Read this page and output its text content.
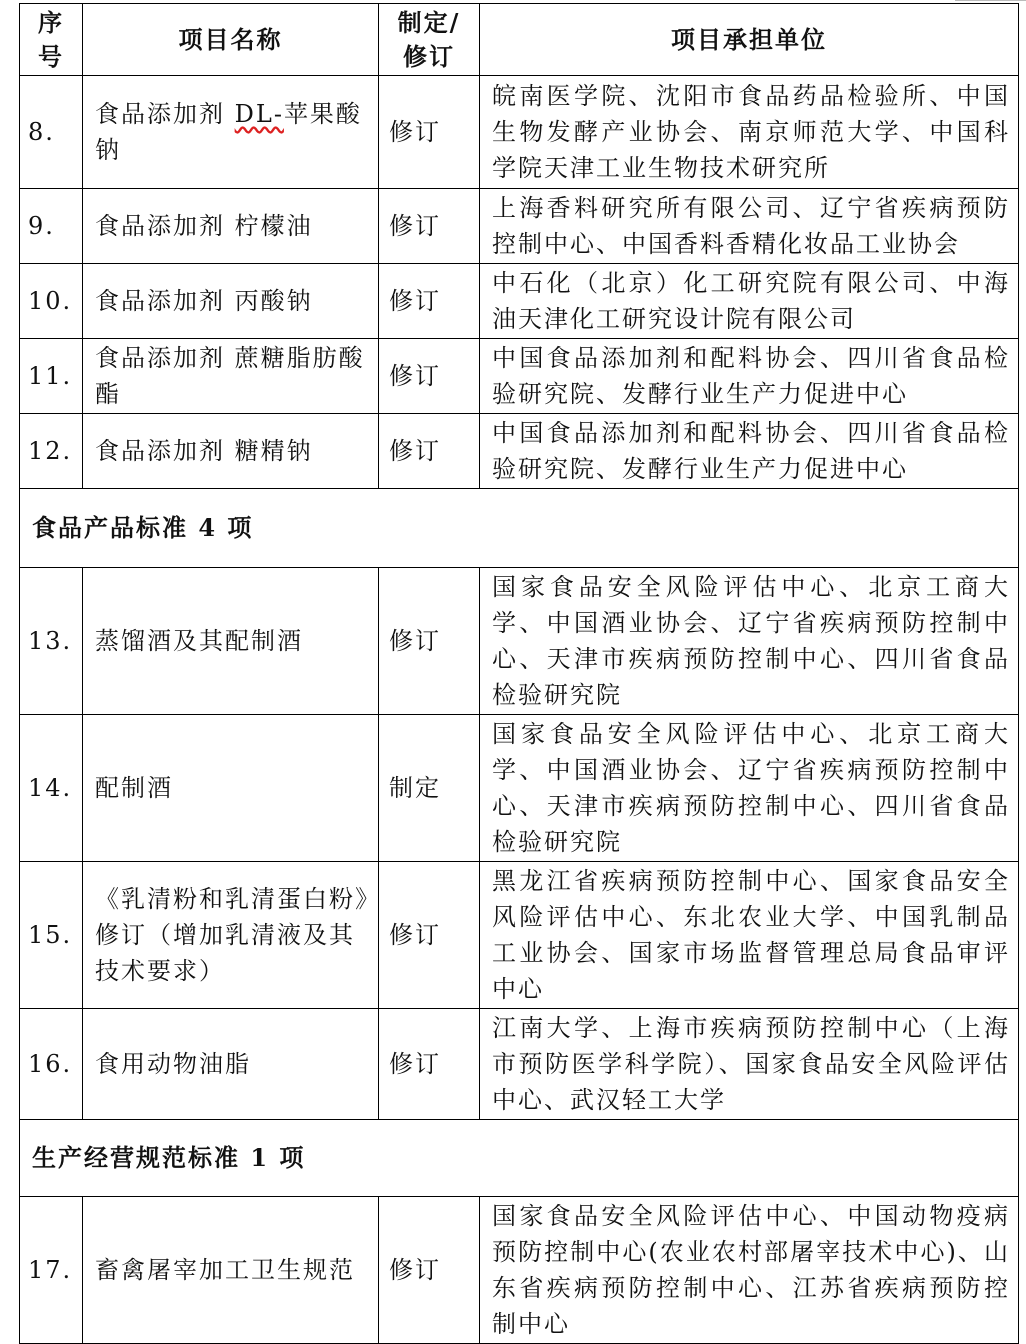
序号	项目名称	制定/修订	项目承担单位
8.	食品添加剂 DL-苹果酸钠	修订	皖南医学院、沈阳市食品药品检验所、中国生物发酵产业协会、南京师范大学、中国科学院天津工业生物技术研究所
9.	食品添加剂 柠檬油	修订	上海香料研究所有限公司、辽宁省疾病预防控制中心、中国香料香精化妆品工业协会
10.	食品添加剂 丙酸钠	修订	中石化（北京）化工研究院有限公司、中海油天津化工研究设计院有限公司
11.	食品添加剂 蔗糖脂肪酸酯	修订	中国食品添加剂和配料协会、四川省食品检验研究院、发酵行业生产力促进中心
12.	食品添加剂 糖精钠	修订	中国食品添加剂和配料协会、四川省食品检验研究院、发酵行业生产力促进中心
食品产品标准 4 项			
13.	蒸馏酒及其配制酒	修订	国家食品安全风险评估中心、北京工商大学、中国酒业协会、辽宁省疾病预防控制中心、天津市疾病预防控制中心、四川省食品检验研究院
14.	配制酒	制定	国家食品安全风险评估中心、北京工商大学、中国酒业协会、辽宁省疾病预防控制中心、天津市疾病预防控制中心、四川省食品检验研究院
15.	《乳清粉和乳清蛋白粉》修订（增加乳清液及其技术要求）	修订	黑龙江省疾病预防控制中心、国家食品安全风险评估中心、东北农业大学、中国乳制品工业协会、国家市场监督管理总局食品审评中心
16.	食用动物油脂	修订	江南大学、上海市疾病预防控制中心（上海市预防医学科学院）、国家食品安全风险评估中心、武汉轻工大学
生产经营规范标准 1 项			
17.	畜禽屠宰加工卫生规范	修订	国家食品安全风险评估中心、中国动物疫病预防控制中心(农业农村部屠宰技术中心)、山东省疾病预防控制中心、江苏省疾病预防控制中心
